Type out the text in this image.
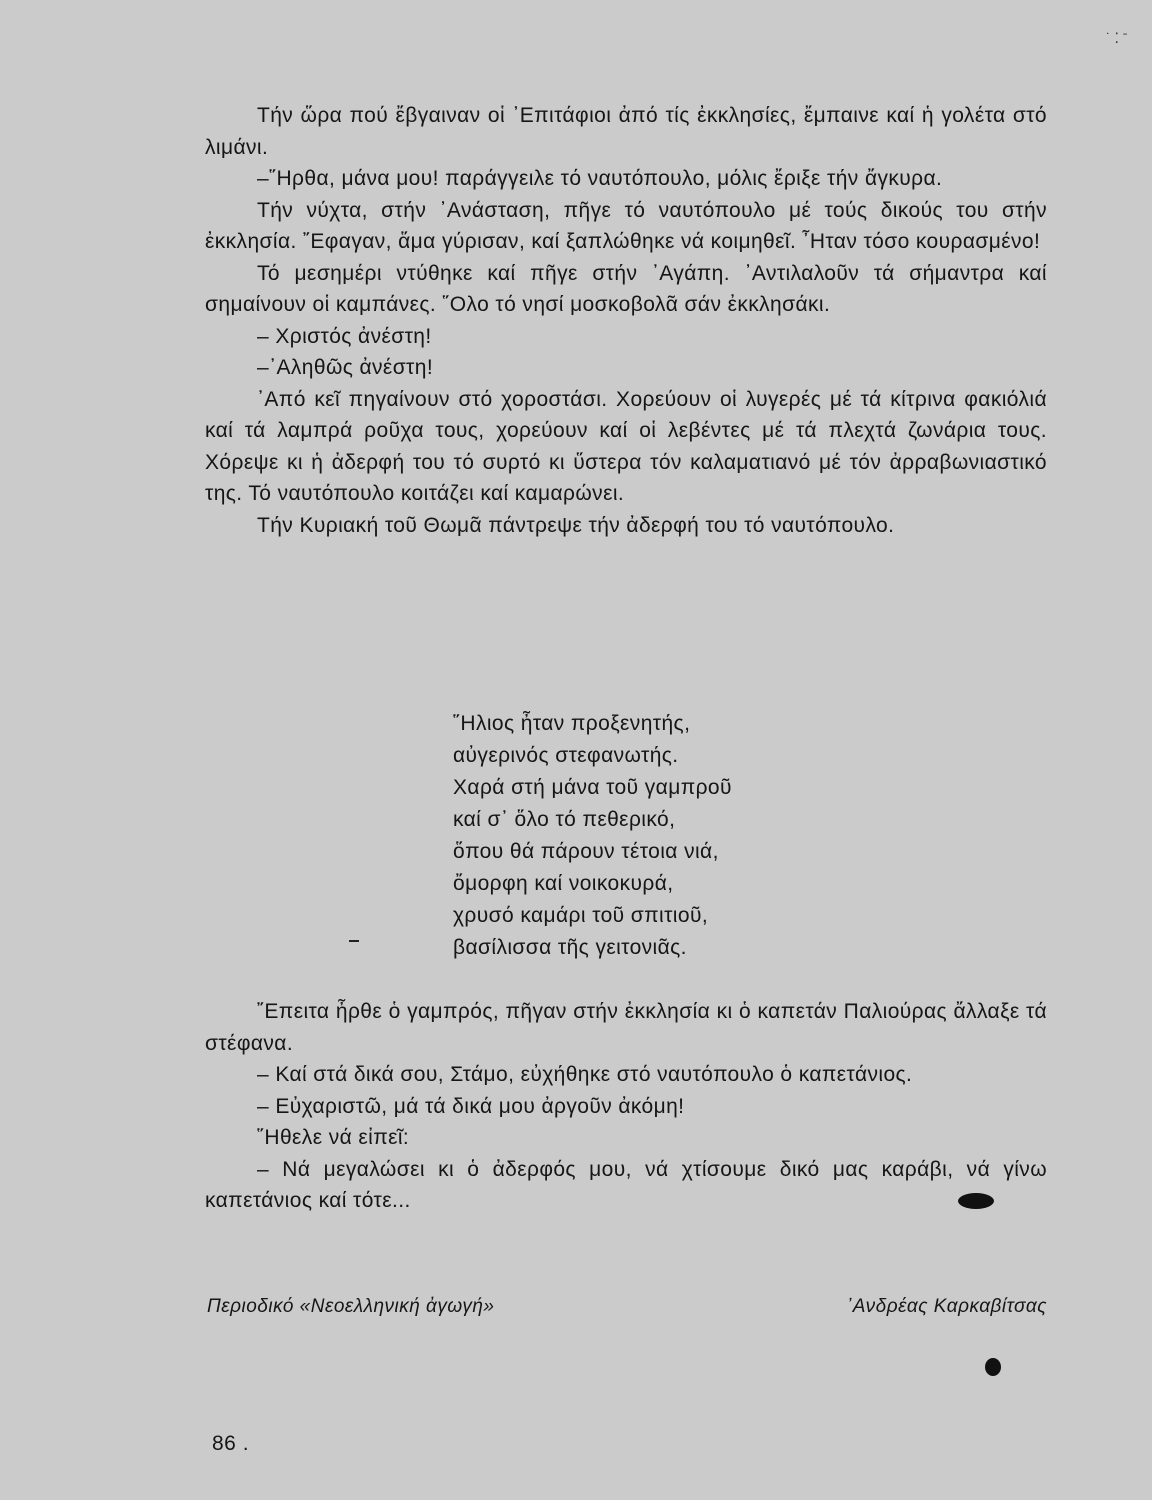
˙ ⁚ ˉ

Τήν ὥρα πού ἔβγαιναν οἱ ᾿Επιτάφιοι ἀπό τίς ἐκκλησίες, ἔμπαινε καί ἡ γολέτα στό λιμάνι.

–῞Ηρθα, μάνα μου! παράγγειλε τό ναυτόπουλο, μόλις ἔριξε τήν ἄγκυρα.

Τήν νύχτα, στήν ᾿Ανάσταση, πῆγε τό ναυτόπουλο μέ τούς δικούς του στήν ἐκκλησία. ῎Εφαγαν, ἅμα γύρισαν, καί ξαπλώθηκε νά κοιμηθεῖ. ῏Ηταν τόσο κουρασμένο!

Τό μεσημέρι ντύθηκε καί πῆγε στήν ᾿Αγάπη. ᾿Αντιλαλοῦν τά σήμαντρα καί σημαίνουν οἱ καμπάνες. ῞Ολο τό νησί μοσκοβολᾶ σάν ἐκκλησάκι.

– Χριστός ἀνέστη!

–᾿Αληθῶς ἀνέστη!

᾿Από κεῖ πηγαίνουν στό χοροστάσι. Χορεύουν οἱ λυγερές μέ τά κίτρινα φακιόλιά καί τά λαμπρά ροῦχα τους, χορεύουν καί οἱ λεβέντες μέ τά πλεχτά ζωνάρια τους. Χόρεψε κι ἡ ἀδερφή του τό συρτό κι ὕστερα τόν καλαματιανό μέ τόν ἀρραβωνιαστικό της. Τό ναυτόπουλο κοιτάζει καί καμαρώνει.

Τήν Κυριακή τοῦ Θωμᾶ πάντρεψε τήν ἀδερφή του τό ναυτόπουλο.

῞Ηλιος ἦταν προξενητής,
αὐγερινός στεφανωτής.
Χαρά στή μάνα τοῦ γαμπροῦ
καί σ᾿ ὅλο τό πεθερικό,
ὅπου θά πάρουν τέτοια νιά,
ὄμορφη καί νοικοκυρά,
χρυσό καμάρι τοῦ σπιτιοῦ,
βασίλισσα τῆς γειτονιᾶς.

῎Επειτα ἦρθε ὁ γαμπρός, πῆγαν στήν ἐκκλησία κι ὁ καπετάν Παλιούρας ἄλλαξε τά στέφανα.

– Καί στά δικά σου, Στάμο, εὐχήθηκε στό ναυτόπουλο ὁ καπετάνιος.

– Εὐχαριστῶ, μά τά δικά μου ἀργοῦν ἀκόμη!

῞Ηθελε νά εἰπεῖ:

– Νά μεγαλώσει κι ὁ ἀδερφός μου, νά χτίσουμε δικό μας καράβι, νά γίνω καπετάνιος καί τότε...

Περιοδικό «Νεοελληνική ἀγωγή»	᾿Ανδρέας Καρκαβίτσας
86 .
